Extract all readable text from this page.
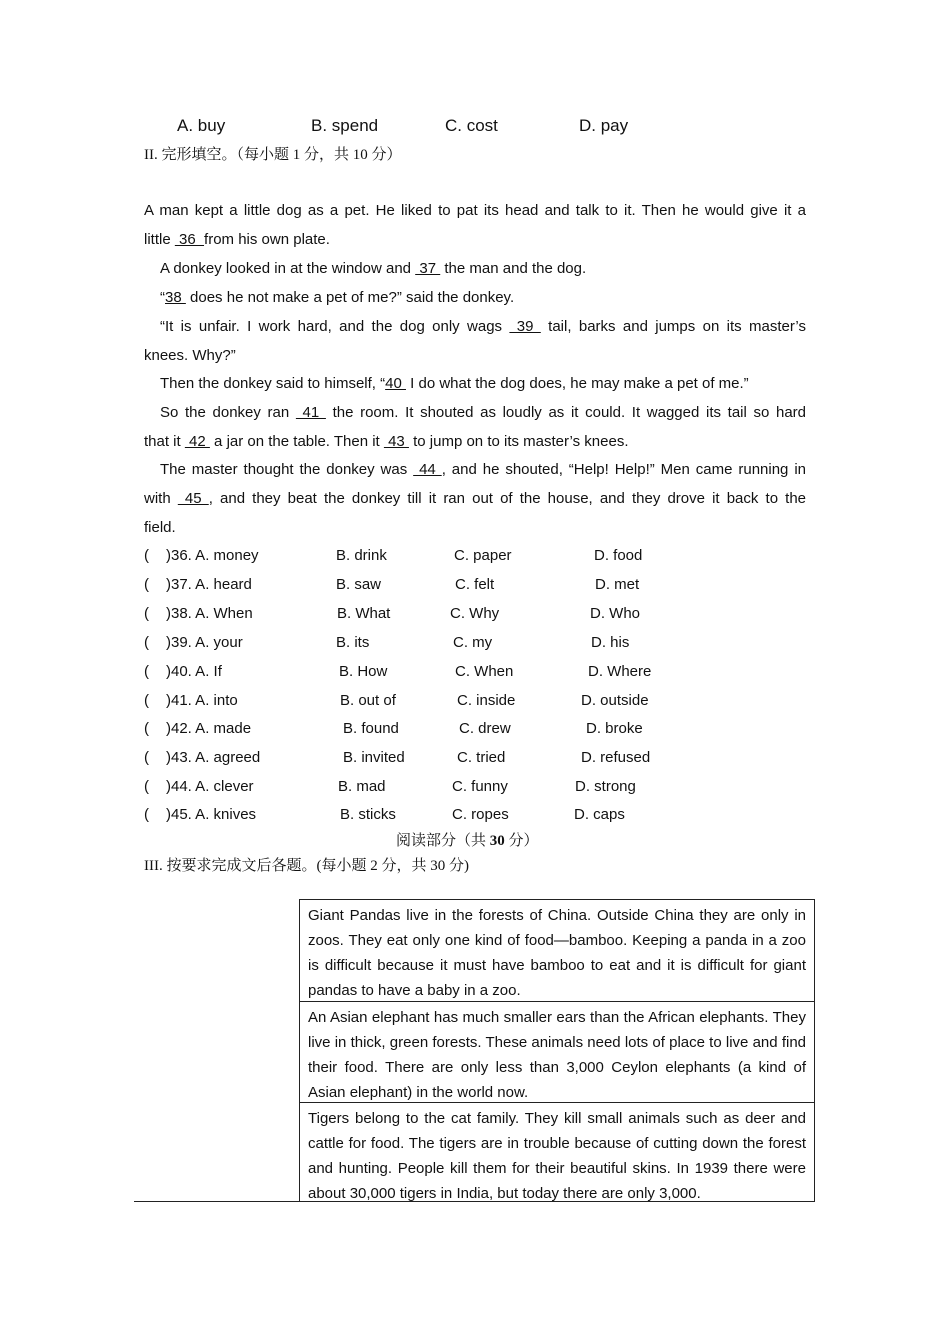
A. buy	B. spend	C. cost	D. pay
II. 完形填空。（每小题 1 分，共 10 分）
A man kept a little dog as a pet. He liked to pat its head and talk to it. Then he would give it a
little  36  from his own plate.
A donkey looked in at the window and  37  the man and the dog.
“38  does he not make a pet of me?” said the donkey.
“It is unfair. I work hard, and the dog only wags  39  tail, barks and jumps on its master’s
knees. Why?”
Then the donkey said to himself, “40  I do what the dog does, he may make a pet of me.”
So the donkey ran  41  the room. It shouted as loudly as it could. It wagged its tail so hard
that it  42  a jar on the table. Then it  43  to jump on to its master’s knees.
The master thought the donkey was  44 , and he shouted, “Help! Help!” Men came running in
with  45 , and they beat the donkey till it ran out of the house, and they drove it back to the
field.
( )36. A. money	B. drink	C. paper	D. food
( )37. A. heard	B. saw	C. felt	D. met
( )38. A. When	B. What	C. Why	D. Who
( )39. A. your	B. its	C. my	D. his
( )40. A. If	B. How	C. When	D. Where
( )41. A. into	B. out of	C. inside	D. outside
( )42. A. made	B. found	C. drew	D. broke
( )43. A. agreed	B. invited	C. tried	D. refused
( )44. A. clever	B. mad	C. funny	D. strong
( )45. A. knives	B. sticks	C. ropes	D. caps
阅读部分（共 30 分）
III. 按要求完成文后各题。(每小题 2 分，共 30 分)
Giant Pandas live in the forests of China. Outside China they are only in zoos. They eat only one kind of food—bamboo. Keeping a panda in a zoo is difficult because it must have bamboo to eat and it is difficult for giant pandas to have a baby in a zoo.
An Asian elephant has much smaller ears than the African elephants. They live in thick, green forests. These animals need lots of place to live and find their food. There are only less than 3,000 Ceylon elephants (a kind of Asian elephant) in the world now.
Tigers belong to the cat family. They kill small animals such as deer and cattle for food. The tigers are in trouble because of cutting down the forest and hunting. People kill them for their beautiful skins. In 1939 there were about 30,000 tigers in India, but today there are only 3,000.
